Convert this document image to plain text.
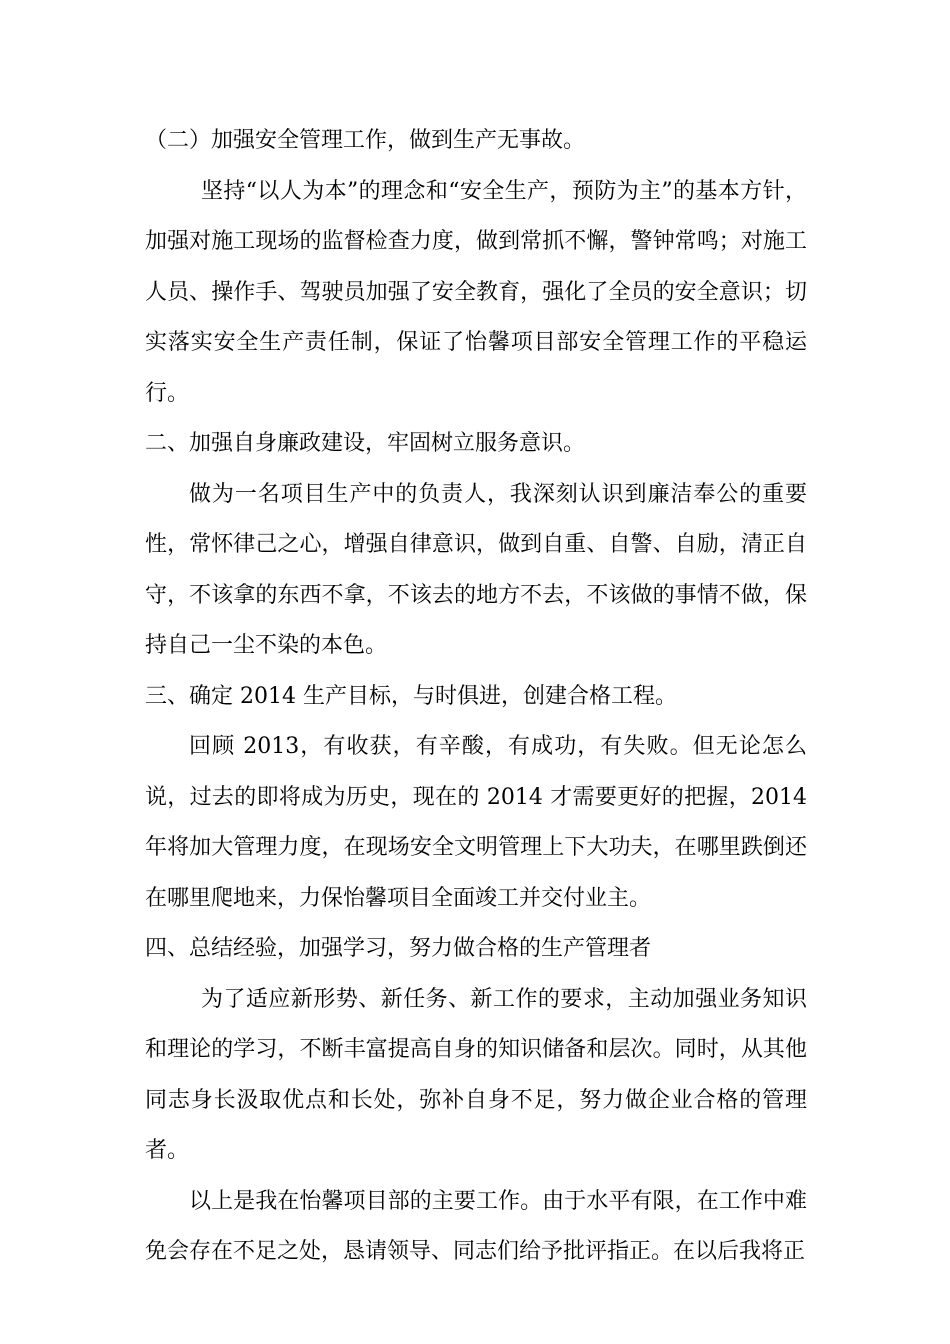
（二）加强安全管理工作，做到生产无事故。

坚持“以人为本”的理念和“安全生产，预防为主”的基本方针，加强对施工现场的监督检查力度，做到常抓不懈，警钟常鸣；对施工人员、操作手、驾驶员加强了安全教育，强化了全员的安全意识；切实落实安全生产责任制，保证了怡馨项目部安全管理工作的平稳运行。

二、加强自身廉政建设，牢固树立服务意识。

做为一名项目生产中的负责人，我深刻认识到廉洁奉公的重要性，常怀律己之心，增强自律意识，做到自重、自警、自励，清正自守，不该拿的东西不拿，不该去的地方不去，不该做的事情不做，保持自己一尘不染的本色。

三、确定 2014 生产目标，与时俱进，创建合格工程。

回顾 2013，有收获，有辛酸，有成功，有失败。但无论怎么说，过去的即将成为历史，现在的 2014 才需要更好的把握，2014 年将加大管理力度，在现场安全文明管理上下大功夫，在哪里跌倒还在哪里爬地来，力保怡馨项目全面竣工并交付业主。

四、总结经验，加强学习，努力做合格的生产管理者

为了适应新形势、新任务、新工作的要求，主动加强业务知识和理论的学习，不断丰富提高自身的知识储备和层次。同时，从其他同志身长汲取优点和长处，弥补自身不足，努力做企业合格的管理者。

以上是我在怡馨项目部的主要工作。由于水平有限，在工作中难免会存在不足之处，恳请领导、同志们给予批评指正。在以后我将正
